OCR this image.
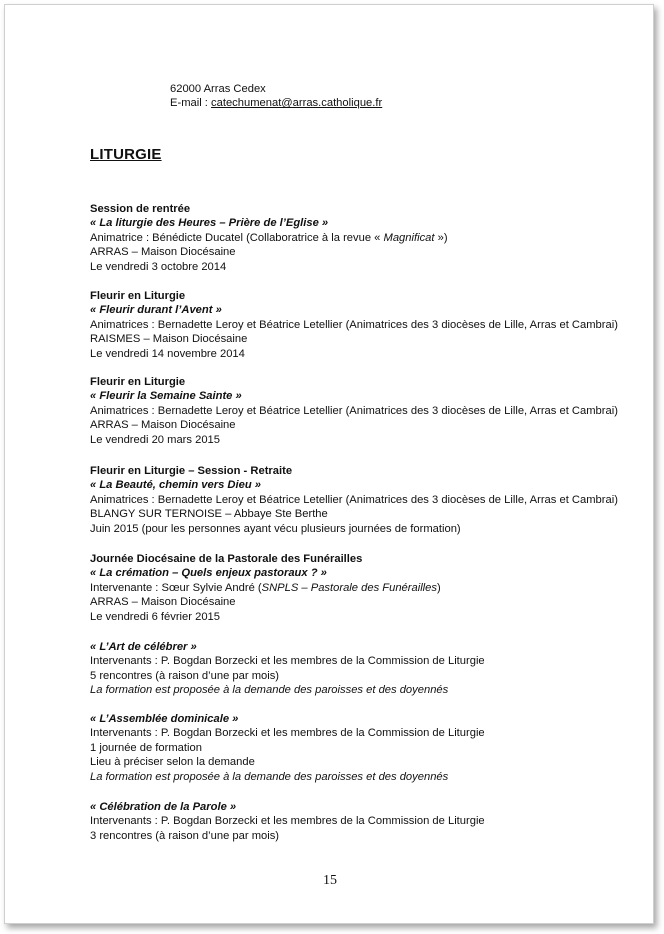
62000 Arras Cedex
E-mail : catechumenat@arras.catholique.fr
LITURGIE
Session de rentrée
« La liturgie des Heures – Prière de l’Eglise »
Animatrice : Bénédicte Ducatel (Collaboratrice à la revue « Magnificat »)
ARRAS – Maison Diocésaine
Le vendredi 3 octobre 2014
Fleurir en Liturgie
« Fleurir durant l’Avent »
Animatrices : Bernadette Leroy et Béatrice Letellier (Animatrices des 3 diocèses de Lille, Arras et Cambrai)
RAISMES – Maison Diocésaine
Le vendredi 14 novembre 2014
Fleurir en Liturgie
« Fleurir la Semaine Sainte »
Animatrices : Bernadette Leroy et Béatrice Letellier (Animatrices des 3 diocèses de Lille, Arras et Cambrai)
ARRAS – Maison Diocésaine
Le vendredi 20 mars 2015
Fleurir en Liturgie – Session - Retraite
« La Beauté, chemin vers Dieu »
Animatrices : Bernadette Leroy et Béatrice Letellier (Animatrices des 3 diocèses de Lille, Arras et Cambrai)
BLANGY SUR TERNOISE – Abbaye Ste Berthe
Juin 2015 (pour les personnes ayant vécu plusieurs journées de formation)
Journée Diocésaine de la Pastorale des Funérailles
« La crémation – Quels enjeux pastoraux ? »
Intervenante : Sœur Sylvie André (SNPLS – Pastorale des Funérailles)
ARRAS – Maison Diocésaine
Le vendredi 6 février 2015
« L’Art de célébrer »
Intervenants : P. Bogdan Borzecki et les membres de la Commission de Liturgie
5 rencontres (à raison d’une par mois)
La formation est proposée à la demande des paroisses et des doyennés
« L’Assemblée dominicale »
Intervenants : P. Bogdan Borzecki et les membres de la Commission de Liturgie
1 journée de formation
Lieu à préciser selon la demande
La formation est proposée à la demande des paroisses et des doyennés
« Célébration de la Parole »
Intervenants : P. Bogdan Borzecki et les membres de la Commission de Liturgie
3 rencontres (à raison d’une par mois)
15
